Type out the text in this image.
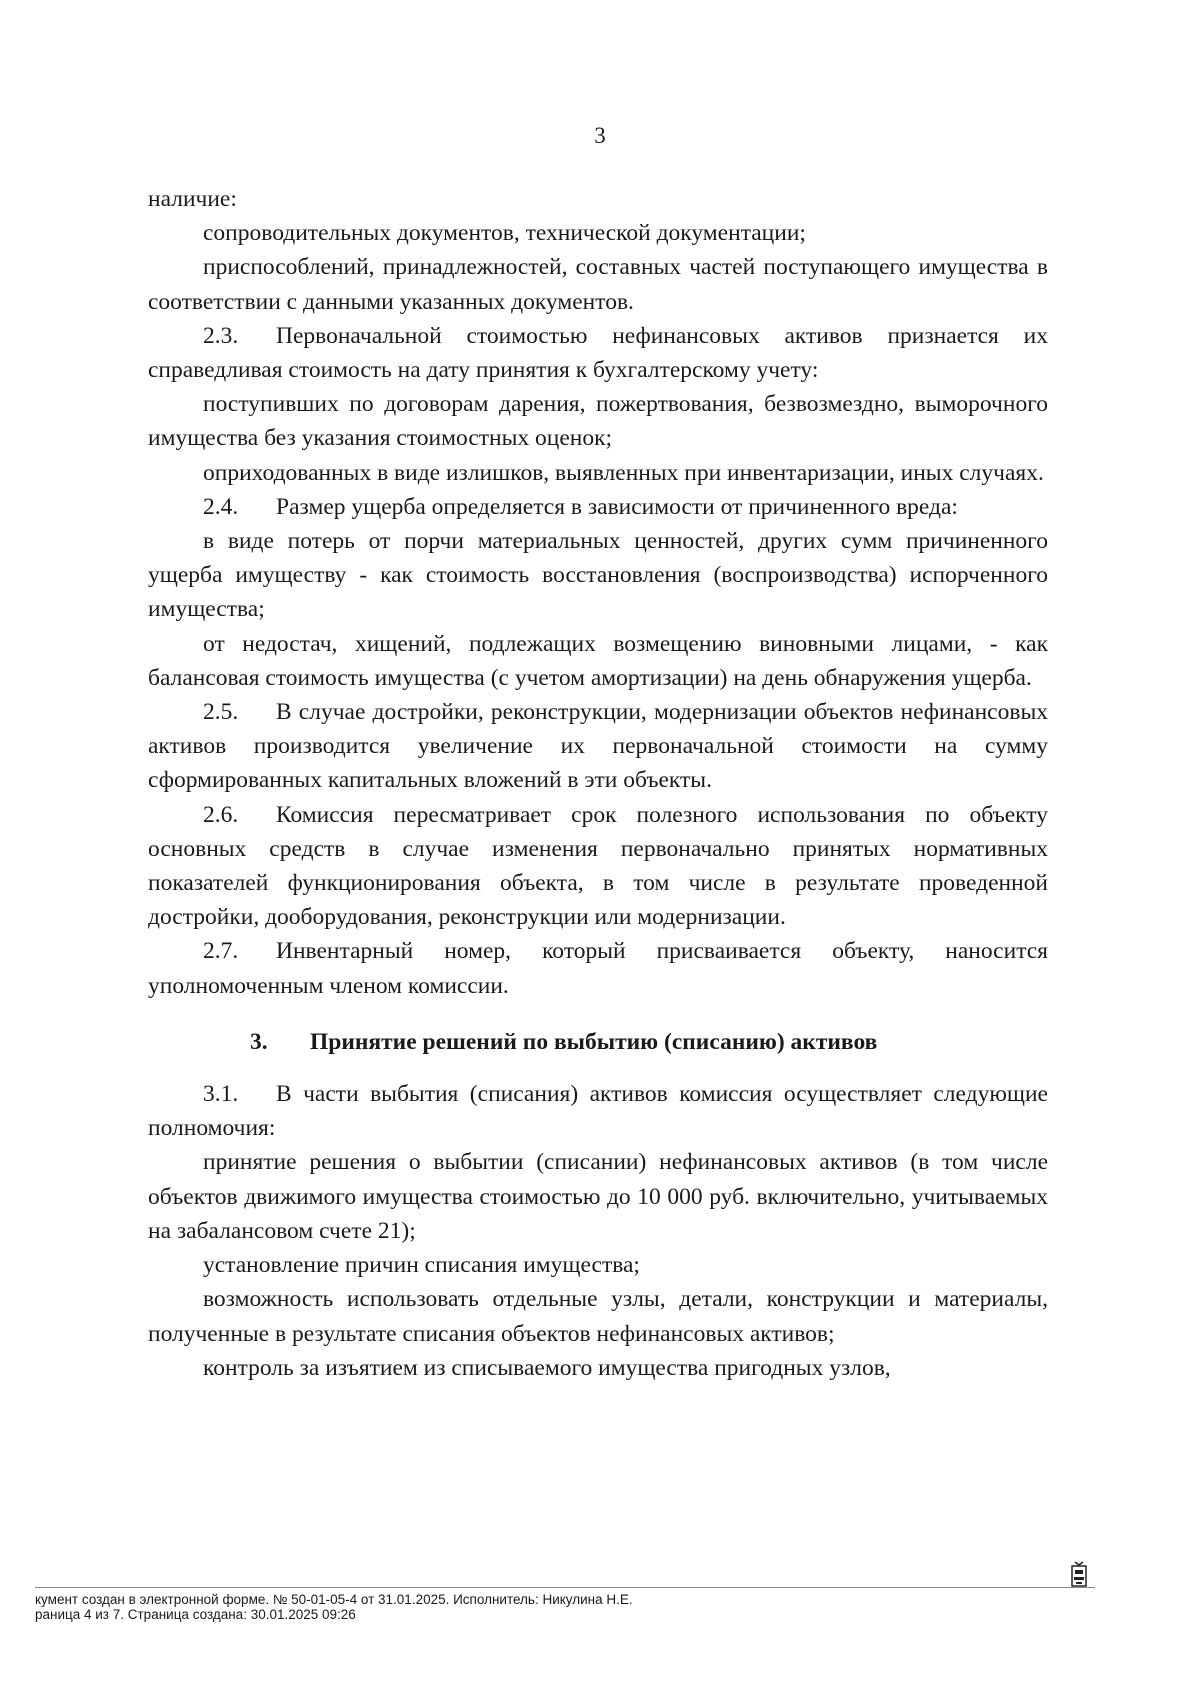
3

наличие:

сопроводительных документов, технической документации;

приспособлений, принадлежностей, составных частей поступающего имущества в соответствии с данными указанных документов.

2.3. Первоначальной стоимостью нефинансовых активов признается их справедливая стоимость на дату принятия к бухгалтерскому учету:

поступивших по договорам дарения, пожертвования, безвозмездно, выморочного имущества без указания стоимостных оценок;

оприходованных в виде излишков, выявленных при инвентаризации, иных случаях.

2.4. Размер ущерба определяется в зависимости от причиненного вреда:

в виде потерь от порчи материальных ценностей, других сумм причиненного ущерба имуществу - как стоимость восстановления (воспроизводства) испорченного имущества;

от недостач, хищений, подлежащих возмещению виновными лицами, - как балансовая стоимость имущества (с учетом амортизации) на день обнаружения ущерба.

2.5. В случае достройки, реконструкции, модернизации объектов нефинансовых активов производится увеличение их первоначальной стоимости на сумму сформированных капитальных вложений в эти объекты.

2.6. Комиссия пересматривает срок полезного использования по объекту основных средств в случае изменения первоначально принятых нормативных показателей функционирования объекта, в том числе в результате проведенной достройки, дооборудования, реконструкции или модернизации.

2.7. Инвентарный номер, который присваивается объекту, наносится уполномоченным членом комиссии.

3. Принятие решений по выбытию (списанию) активов

3.1. В части выбытия (списания) активов комиссия осуществляет следующие полномочия:

принятие решения о выбытии (списании) нефинансовых активов (в том числе объектов движимого имущества стоимостью до 10 000 руб. включительно, учитываемых на забалансовом счете 21);

установление причин списания имущества;

возможность использовать отдельные узлы, детали, конструкции и материалы, полученные в результате списания объектов нефинансовых активов;

контроль за изъятием из списываемого имущества пригодных узлов,

кумент создан в электронной форме. № 50-01-05-4 от 31.01.2025. Исполнитель: Никулина Н.Е.
раница 4 из 7. Страница создана: 30.01.2025 09:26
